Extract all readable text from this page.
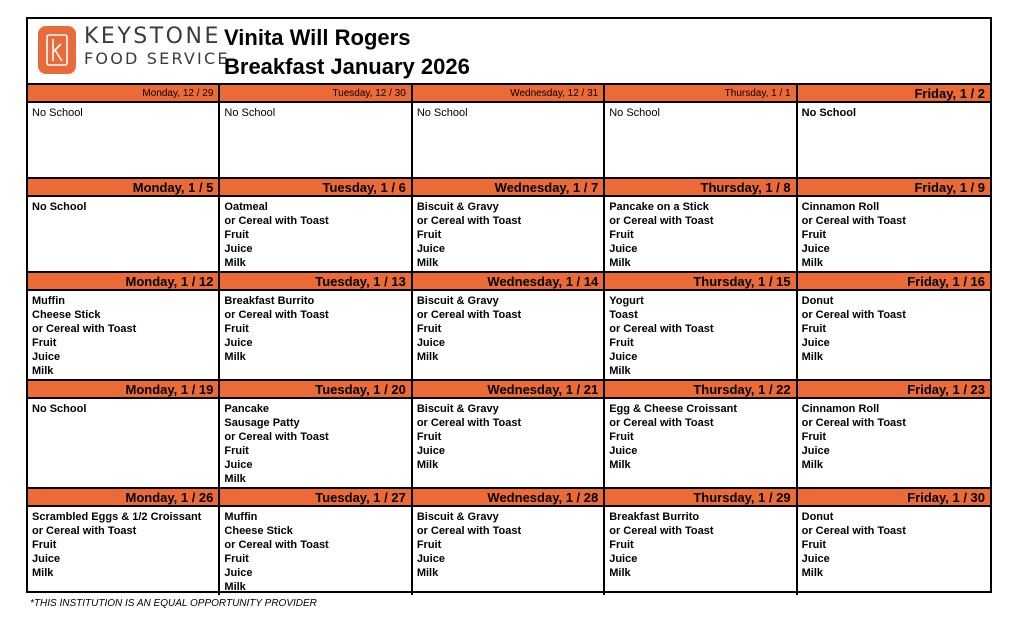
KEYSTONE
FOOD SERVICE
Vinita Will Rogers
Breakfast January 2026
Monday, 12 / 29
No School
Tuesday, 12 / 30
No School
Wednesday, 12 / 31
No School
Thursday, 1 / 1
No School
Friday, 1 / 2
No School
Monday, 1 / 5
No School
Tuesday, 1 / 6
Oatmeal
or Cereal with Toast
Fruit
Juice
Milk
Wednesday, 1 / 7
Biscuit & Gravy
or Cereal with Toast
Fruit
Juice
Milk
Thursday, 1 / 8
Pancake on a Stick
or Cereal with Toast
Fruit
Juice
Milk
Friday, 1 / 9
Cinnamon Roll
or Cereal with Toast
Fruit
Juice
Milk
Monday, 1 / 12
Muffin
Cheese Stick
or Cereal with Toast
Fruit
Juice
Milk
Tuesday, 1 / 13
Breakfast Burrito
or Cereal with Toast
Fruit
Juice
Milk
Wednesday, 1 / 14
Biscuit & Gravy
or Cereal with Toast
Fruit
Juice
Milk
Thursday, 1 / 15
Yogurt
Toast
or Cereal with Toast
Fruit
Juice
Milk
Friday, 1 / 16
Donut
or Cereal with Toast
Fruit
Juice
Milk
Monday, 1 / 19
No School
Tuesday, 1 / 20
Pancake
Sausage Patty
or Cereal with Toast
Fruit
Juice
Milk
Wednesday, 1 / 21
Biscuit & Gravy
or Cereal with Toast
Fruit
Juice
Milk
Thursday, 1 / 22
Egg & Cheese Croissant
or Cereal with Toast
Fruit
Juice
Milk
Friday, 1 / 23
Cinnamon Roll
or Cereal with Toast
Fruit
Juice
Milk
Monday, 1 / 26
Scrambled Eggs & 1/2 Croissant
or Cereal with Toast
Fruit
Juice
Milk
Tuesday, 1 / 27
Muffin
Cheese Stick
or Cereal with Toast
Fruit
Juice
Milk
Wednesday, 1 / 28
Biscuit & Gravy
or Cereal with Toast
Fruit
Juice
Milk
Thursday, 1 / 29
Breakfast Burrito
or Cereal with Toast
Fruit
Juice
Milk
Friday, 1 / 30
Donut
or Cereal with Toast
Fruit
Juice
Milk
*THIS INSTITUTION IS AN EQUAL OPPORTUNITY PROVIDER
